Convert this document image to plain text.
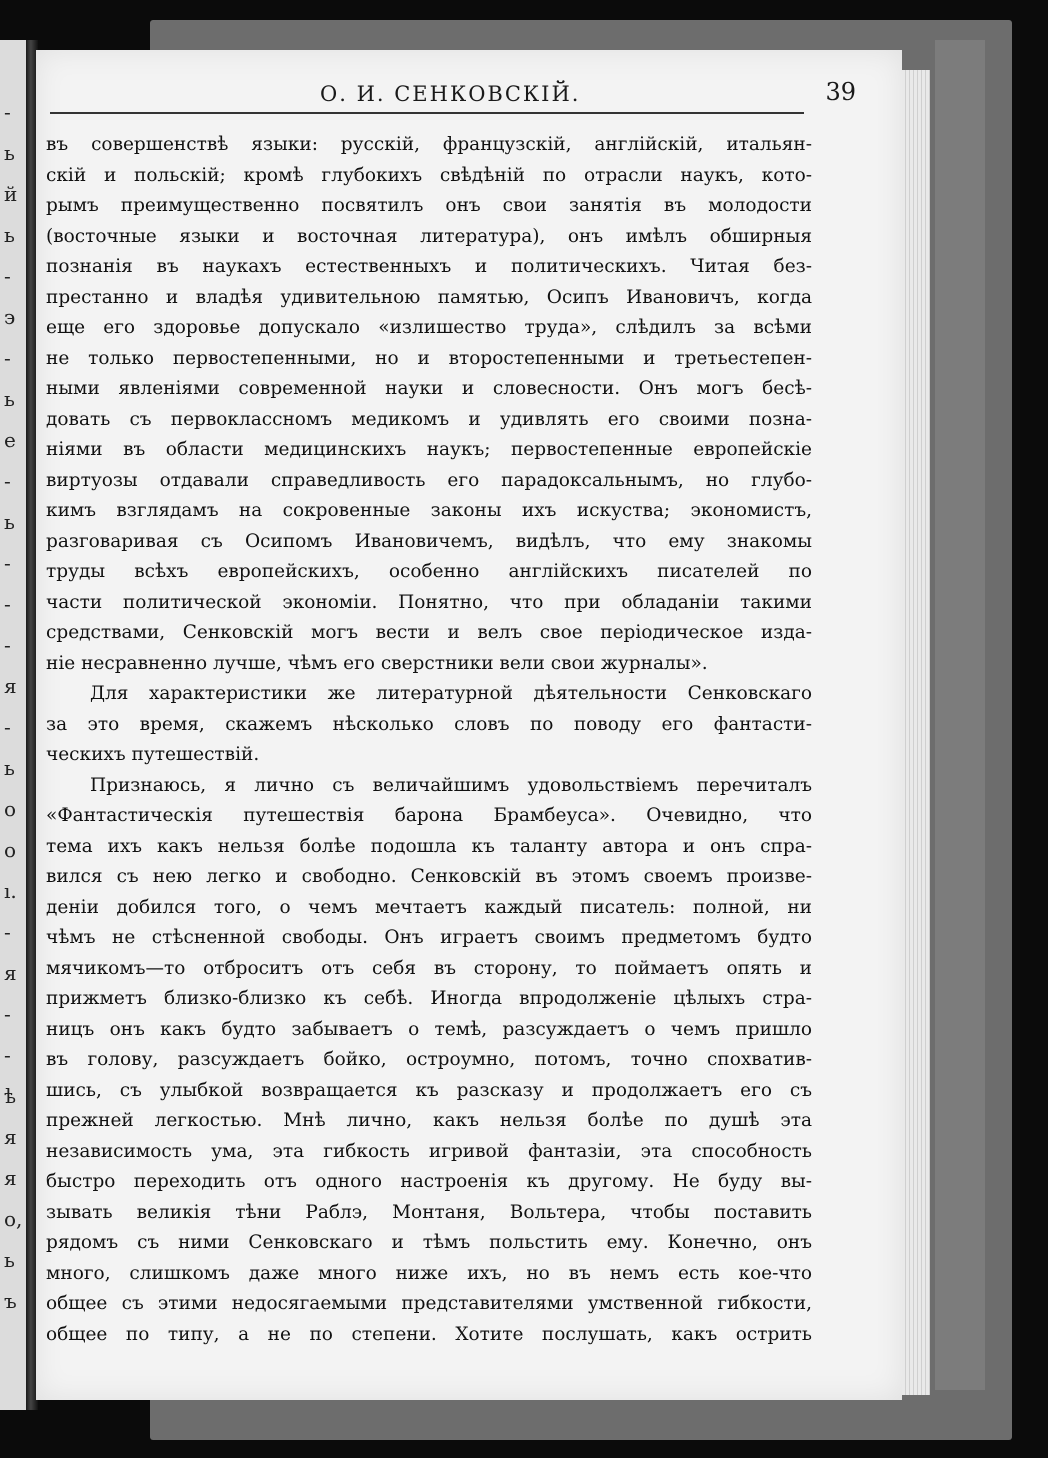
-
ь
й
ь
-
э
-
ь
е
-
ь
-
-
-
я
-
ь
о
о
ı.
-
я
-
-
ѣ
я
я
о,
ь
ъ
О. И. СЕНКОВСКІЙ.	39
въ совершенствѣ языки: русскій, французскій, англійскій, итальян-
скій и польскій; кромѣ глубокихъ свѣдѣній по отрасли наукъ, кото-
рымъ преимущественно посвятилъ онъ свои занятія въ молодости
(восточные языки и восточная литература), онъ имѣлъ обширныя
познанія въ наукахъ естественныхъ и политическихъ. Читая без-
престанно и владѣя удивительною памятью, Осипъ Ивановичъ, когда
еще его здоровье допускало «излишество труда», слѣдилъ за всѣми
не только первостепенными, но и второстепенными и третьестепен-
ными явленіями современной науки и словесности. Онъ могъ бесѣ-
довать съ первоклассномъ медикомъ и удивлять его своими позна-
ніями въ области медицинскихъ наукъ; первостепенные европейскіе
виртуозы отдавали справедливость его парадоксальнымъ, но глубо-
кимъ взглядамъ на сокровенные законы ихъ искуства; экономистъ,
разговаривая съ Осипомъ Ивановичемъ, видѣлъ, что ему знакомы
труды всѣхъ европейскихъ, особенно англійскихъ писателей по
части политической экономіи. Понятно, что при обладаніи такими
средствами, Сенковскій могъ вести и велъ свое періодическое изда-
ніе несравненно лучше, чѣмъ его сверстники вели свои журналы».
Для характеристики же литературной дѣятельности Сенковскаго
за это время, скажемъ нѣсколько словъ по поводу его фантасти-
ческихъ путешествій.
Признаюсь, я лично съ величайшимъ удовольствіемъ перечиталъ
«Фантастическія путешествія барона Брамбеуса». Очевидно, что
тема ихъ какъ нельзя болѣе подошла къ таланту автора и онъ спра-
вился съ нею легко и свободно. Сенковскій въ этомъ своемъ произве-
деніи добился того, о чемъ мечтаетъ каждый писатель: полной, ни
чѣмъ не стѣсненной свободы. Онъ играетъ своимъ предметомъ будто
мячикомъ—то отброситъ отъ себя въ сторону, то поймаетъ опять и
прижметъ близко-близко къ себѣ. Иногда впродолженіе цѣлыхъ стра-
ницъ онъ какъ будто забываетъ о темѣ, разсуждаетъ о чемъ пришло
въ голову, разсуждаетъ бойко, остроумно, потомъ, точно спохватив-
шись, съ улыбкой возвращается къ разсказу и продолжаетъ его съ
прежней легкостью. Мнѣ лично, какъ нельзя болѣе по душѣ эта
независимость ума, эта гибкость игривой фантазіи, эта способность
быстро переходить отъ одного настроенія къ другому. Не буду вы-
зывать великія тѣни Раблэ, Монтаня, Вольтера, чтобы поставить
рядомъ съ ними Сенковскаго и тѣмъ польстить ему. Конечно, онъ
много, слишкомъ даже много ниже ихъ, но въ немъ есть кое-что
общее съ этими недосягаемыми представителями умственной гибкости,
общее по типу, а не по степени. Хотите послушать, какъ острить
